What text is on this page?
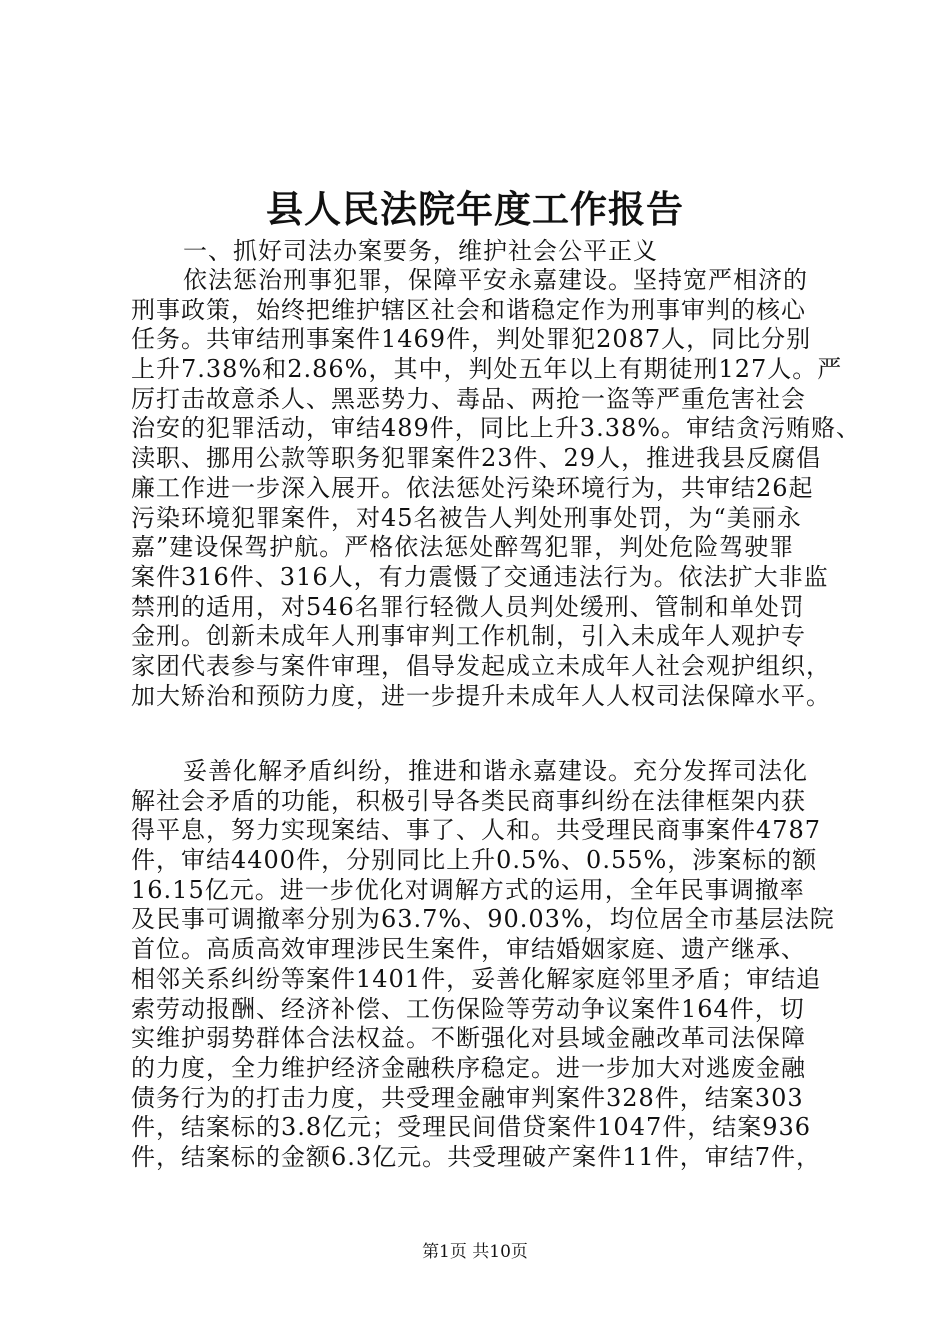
县人民法院年度工作报告
一、抓好司法办案要务，维护社会公平正义
依法惩治刑事犯罪，保障平安永嘉建设。坚持宽严相济的
刑事政策，始终把维护辖区社会和谐稳定作为刑事审判的核心
任务。共审结刑事案件1469件，判处罪犯2087人，同比分别
上升7.38%和2.86%，其中，判处五年以上有期徒刑127人。严
厉打击故意杀人、黑恶势力、毒品、两抢一盗等严重危害社会
治安的犯罪活动，审结489件，同比上升3.38%。审结贪污贿赂、
渎职、挪用公款等职务犯罪案件23件、29人，推进我县反腐倡
廉工作进一步深入展开。依法惩处污染环境行为，共审结26起
污染环境犯罪案件，对45名被告人判处刑事处罚，为“美丽永
嘉”建设保驾护航。严格依法惩处醉驾犯罪，判处危险驾驶罪
案件316件、316人，有力震慑了交通违法行为。依法扩大非监
禁刑的适用，对546名罪行轻微人员判处缓刑、管制和单处罚
金刑。创新未成年人刑事审判工作机制，引入未成年人观护专
家团代表参与案件审理，倡导发起成立未成年人社会观护组织，
加大矫治和预防力度，进一步提升未成年人人权司法保障水平。
妥善化解矛盾纠纷，推进和谐永嘉建设。充分发挥司法化
解社会矛盾的功能，积极引导各类民商事纠纷在法律框架内获
得平息，努力实现案结、事了、人和。共受理民商事案件4787
件，审结4400件，分别同比上升0.5%、0.55%，涉案标的额
16.15亿元。进一步优化对调解方式的运用，全年民事调撤率
及民事可调撤率分别为63.7%、90.03%，均位居全市基层法院
首位。高质高效审理涉民生案件，审结婚姻家庭、遗产继承、
相邻关系纠纷等案件1401件，妥善化解家庭邻里矛盾；审结追
索劳动报酬、经济补偿、工伤保险等劳动争议案件164件，切
实维护弱势群体合法权益。不断强化对县域金融改革司法保障
的力度，全力维护经济金融秩序稳定。进一步加大对逃废金融
债务行为的打击力度，共受理金融审判案件328件，结案303
件，结案标的3.8亿元；受理民间借贷案件1047件，结案936
件，结案标的金额6.3亿元。共受理破产案件11件，审结7件，
第1页 共10页
